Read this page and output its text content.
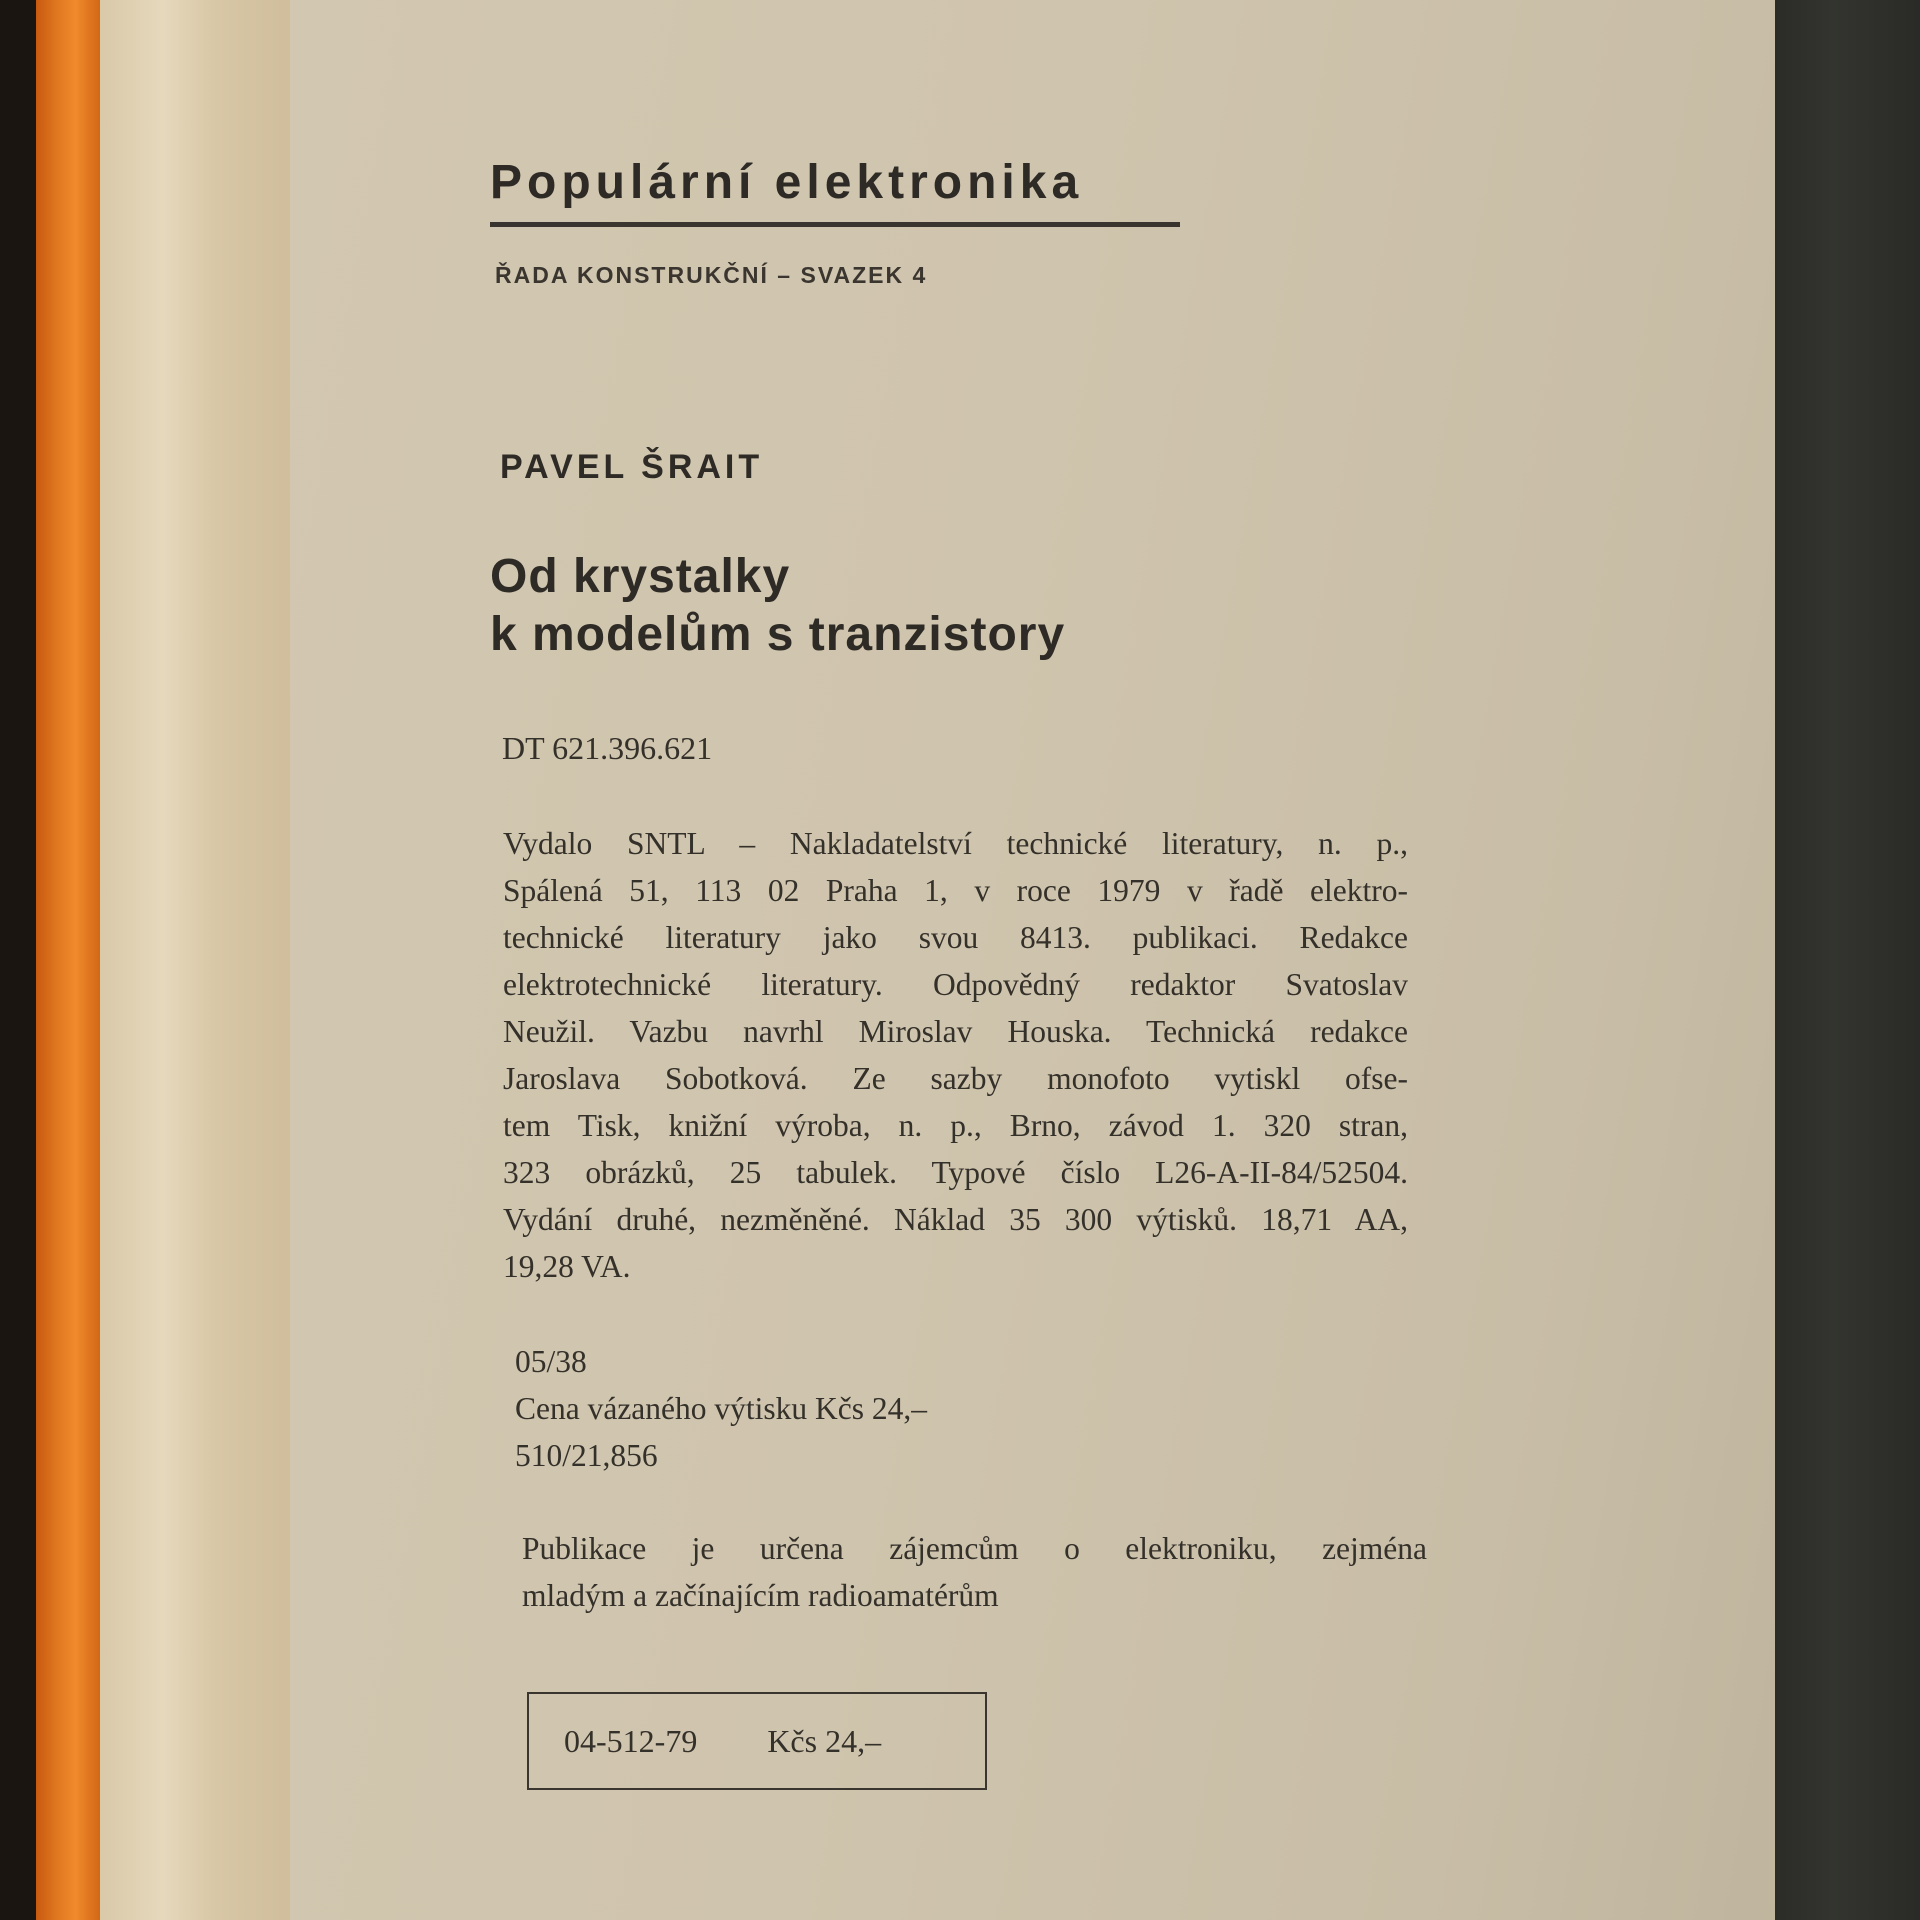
Populární elektronika
ŘADA KONSTRUKČNÍ – SVAZEK 4
PAVEL ŠRAIT
Od krystalky
k modelům s tranzistory
DT 621.396.621
Vydalo SNTL – Nakladatelství technické literatury, n. p.,
Spálená 51, 113 02 Praha 1, v roce 1979 v řadě elektro-
technické literatury jako svou 8413. publikaci. Redakce
elektrotechnické literatury. Odpovědný redaktor Svatoslav
Neužil. Vazbu navrhl Miroslav Houska. Technická redakce
Jaroslava Sobotková. Ze sazby monofoto vytiskl ofse-
tem Tisk, knižní výroba, n. p., Brno, závod 1. 320 stran,
323 obrázků, 25 tabulek. Typové číslo L26-A-II-84/52504.
Vydání druhé, nezměněné. Náklad 35 300 výtisků. 18,71 AA,
19,28 VA.
05/38
Cena vázaného výtisku Kčs 24,–
510/21,856
Publikace je určena zájemcům o elektroniku, zejména
mladým a začínajícím radioamatérům
04-512-79 Kčs 24,–
